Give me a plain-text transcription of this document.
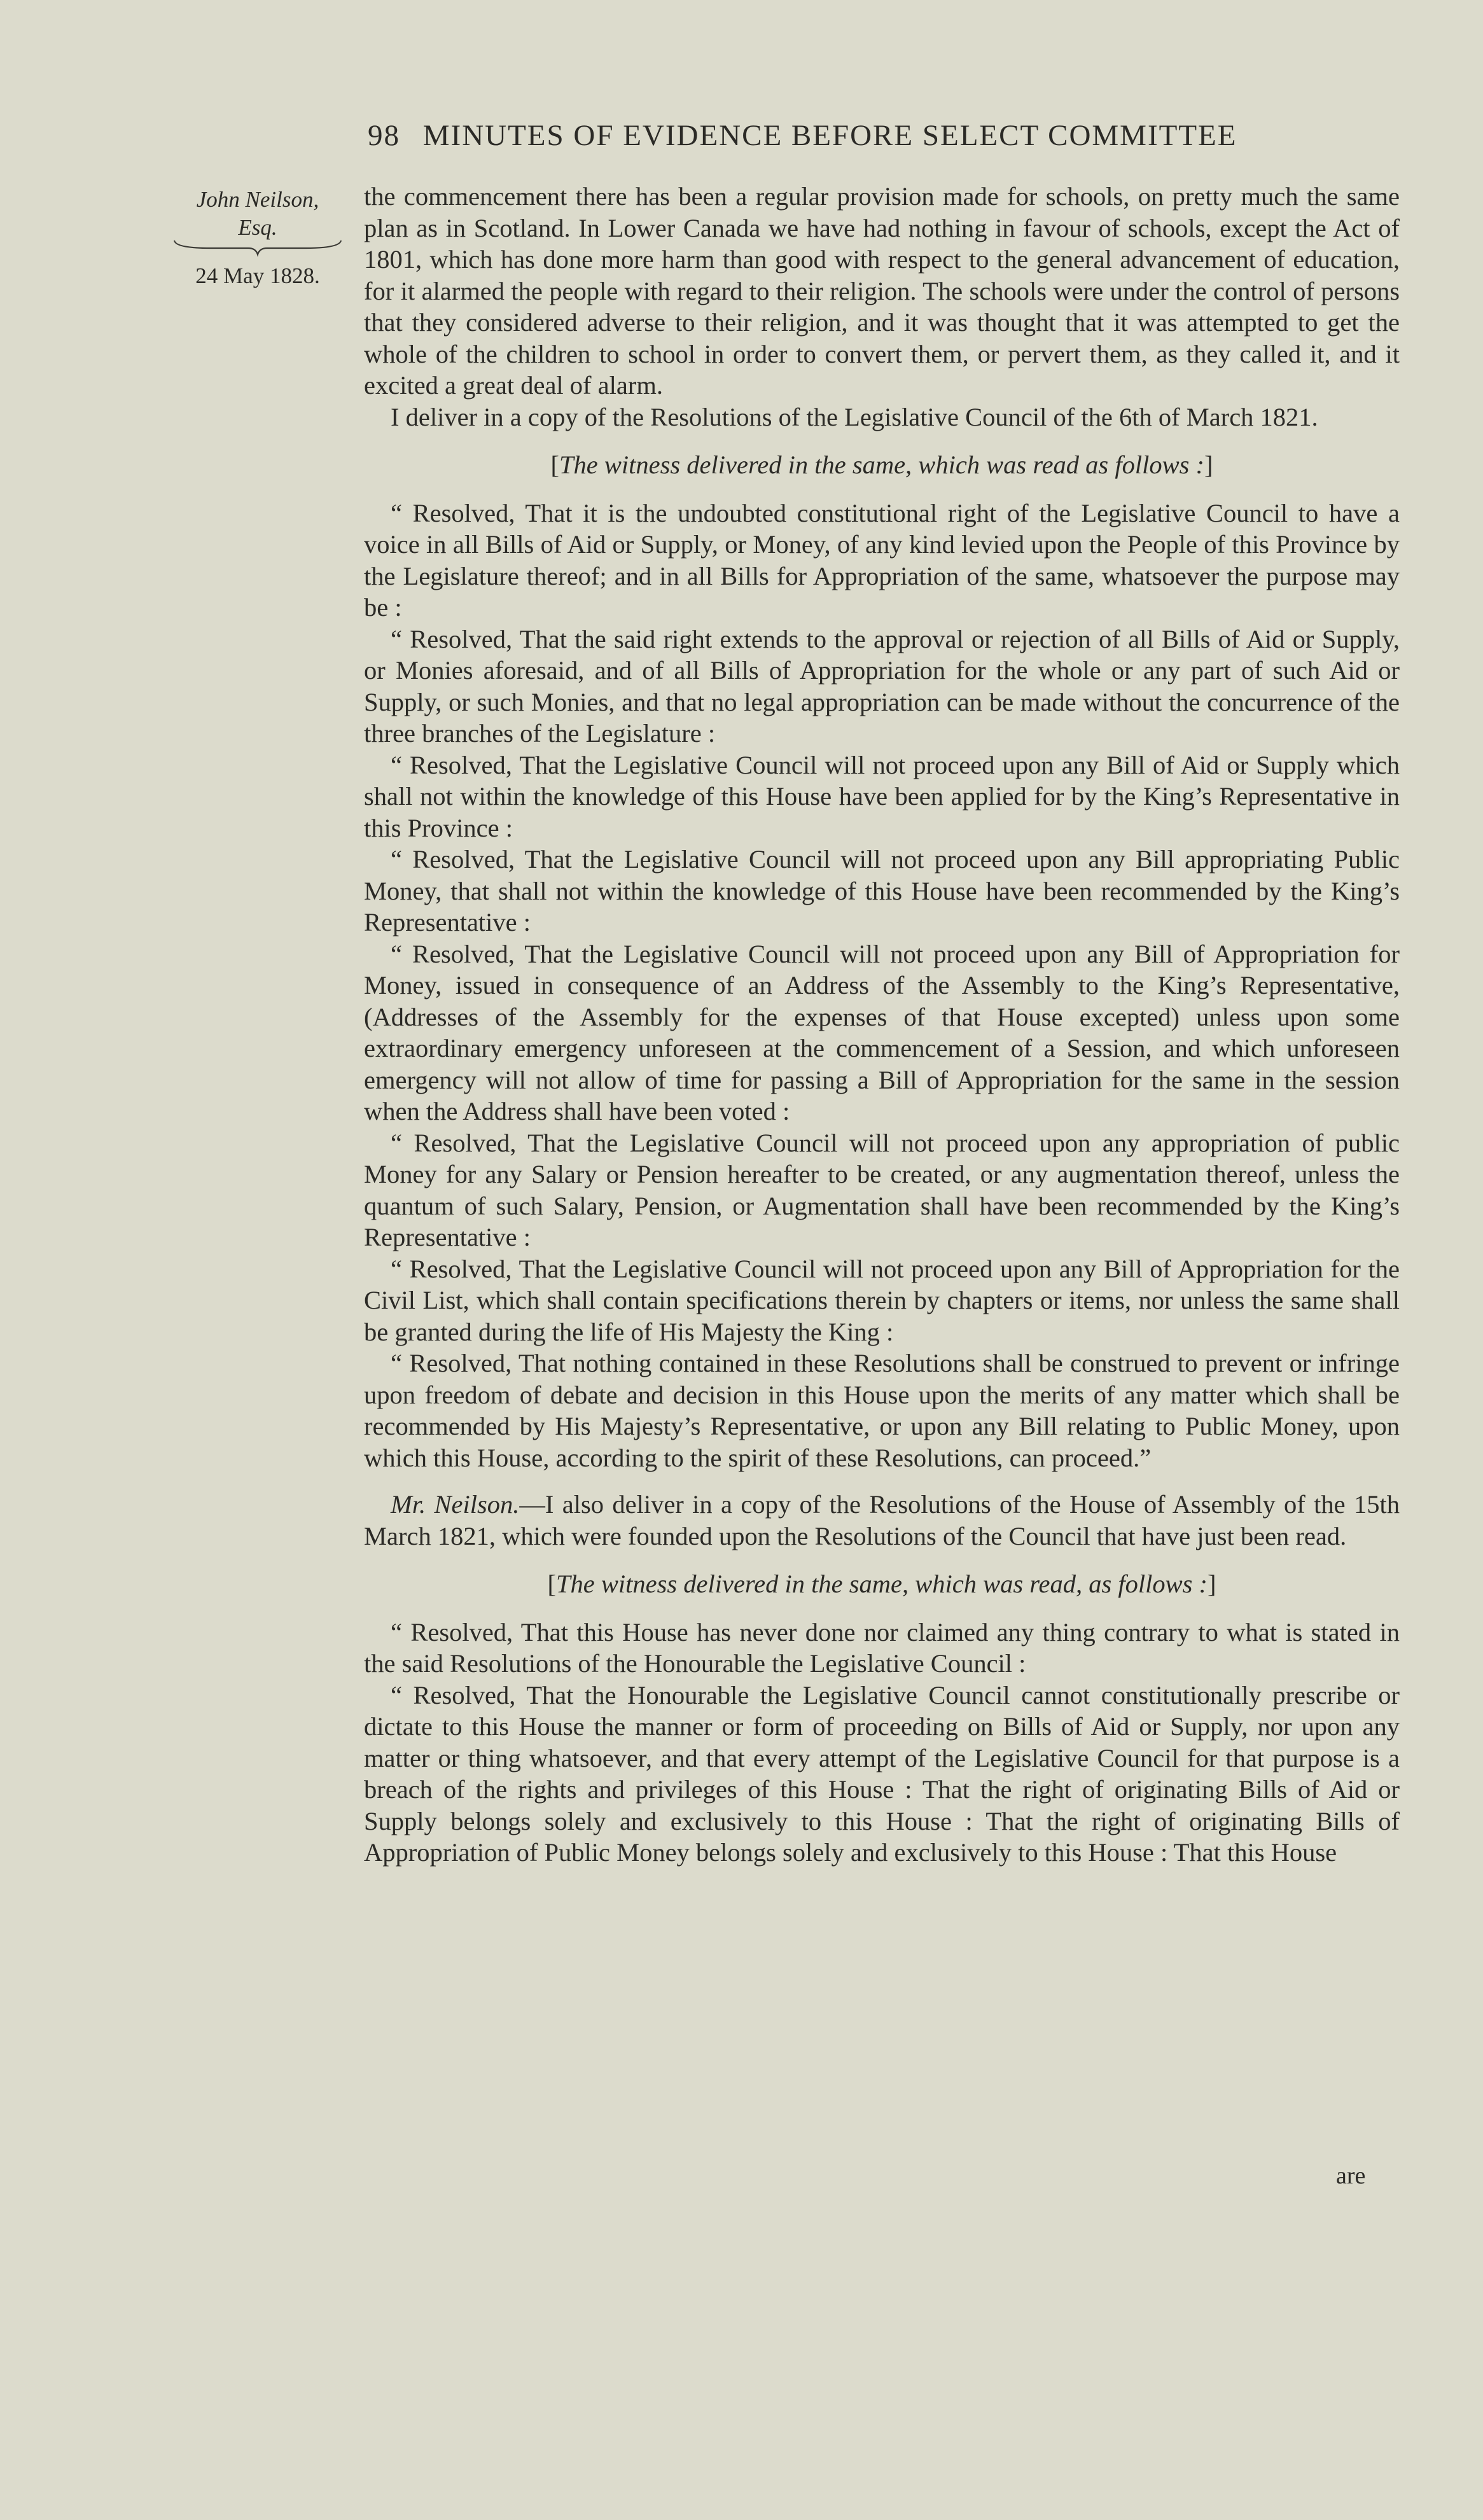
98 MINUTES OF EVIDENCE BEFORE SELECT COMMITTEE
John Neilson,
Esq.
24 May 1828.

the commencement there has been a regular provision made for schools, on pretty much the same plan as in Scotland. In Lower Canada we have had nothing in favour of schools, except the Act of 1801, which has done more harm than good with respect to the general advancement of education, for it alarmed the people with regard to their religion. The schools were under the control of persons that they considered adverse to their religion, and it was thought that it was attempted to get the whole of the children to school in order to convert them, or pervert them, as they called it, and it excited a great deal of alarm.

I deliver in a copy of the Resolutions of the Legislative Council of the 6th of March 1821.

[The witness delivered in the same, which was read as follows :]

“ Resolved, That it is the undoubted constitutional right of the Legislative Council to have a voice in all Bills of Aid or Supply, or Money, of any kind levied upon the People of this Province by the Legislature thereof; and in all Bills for Appropriation of the same, whatsoever the purpose may be :

“ Resolved, That the said right extends to the approval or rejection of all Bills of Aid or Supply, or Monies aforesaid, and of all Bills of Appropriation for the whole or any part of such Aid or Supply, or such Monies, and that no legal appropriation can be made without the concurrence of the three branches of the Legislature :

“ Resolved, That the Legislative Council will not proceed upon any Bill of Aid or Supply which shall not within the knowledge of this House have been applied for by the King’s Representative in this Province :

“ Resolved, That the Legislative Council will not proceed upon any Bill appropriating Public Money, that shall not within the knowledge of this House have been recommended by the King’s Representative :

“ Resolved, That the Legislative Council will not proceed upon any Bill of Appropriation for Money, issued in consequence of an Address of the Assembly to the King’s Representative, (Addresses of the Assembly for the expenses of that House excepted) unless upon some extraordinary emergency unforeseen at the commencement of a Session, and which unforeseen emergency will not allow of time for passing a Bill of Appropriation for the same in the session when the Address shall have been voted :

“ Resolved, That the Legislative Council will not proceed upon any appropriation of public Money for any Salary or Pension hereafter to be created, or any augmentation thereof, unless the quantum of such Salary, Pension, or Augmentation shall have been recommended by the King’s Representative :

“ Resolved, That the Legislative Council will not proceed upon any Bill of Appropriation for the Civil List, which shall contain specifications therein by chapters or items, nor unless the same shall be granted during the life of His Majesty the King :

“ Resolved, That nothing contained in these Resolutions shall be construed to prevent or infringe upon freedom of debate and decision in this House upon the merits of any matter which shall be recommended by His Majesty’s Representative, or upon any Bill relating to Public Money, upon which this House, according to the spirit of these Resolutions, can proceed.”

Mr. Neilson.—I also deliver in a copy of the Resolutions of the House of Assembly of the 15th March 1821, which were founded upon the Resolutions of the Council that have just been read.

[The witness delivered in the same, which was read, as follows :]

“ Resolved, That this House has never done nor claimed any thing contrary to what is stated in the said Resolutions of the Honourable the Legislative Council :

“ Resolved, That the Honourable the Legislative Council cannot constitutionally prescribe or dictate to this House the manner or form of proceeding on Bills of Aid or Supply, nor upon any matter or thing whatsoever, and that every attempt of the Legislative Council for that purpose is a breach of the rights and privileges of this House : That the right of originating Bills of Aid or Supply belongs solely and exclusively to this House : That the right of originating Bills of Appropriation of Public Money belongs solely and exclusively to this House : That this House

are
